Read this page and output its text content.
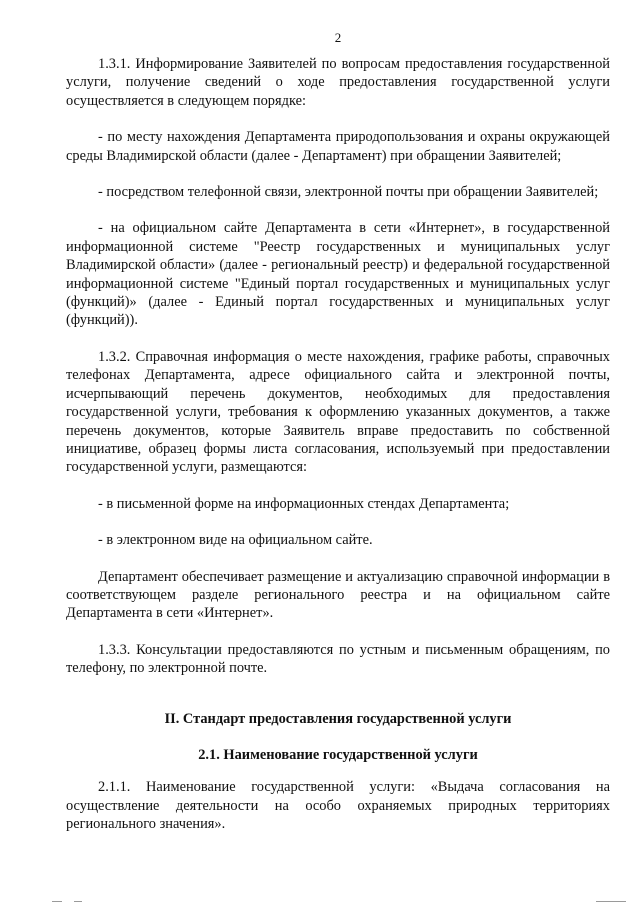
2

1.3.1. Информирование Заявителей по вопросам предоставления государственной услуги, получение сведений о ходе предоставления государственной услуги осуществляется в следующем порядке:

- по месту нахождения Департамента природопользования и охраны окружающей среды Владимирской области (далее - Департамент) при обращении Заявителей;

- посредством телефонной связи, электронной почты при обращении Заявителей;

- на официальном сайте Департамента в сети «Интернет», в государственной информационной системе "Реестр государственных и муниципальных услуг Владимирской области» (далее - региональный реестр) и федеральной государственной информационной системе "Единый портал государственных и муниципальных услуг (функций)» (далее - Единый портал государственных и муниципальных услуг (функций)).

1.3.2. Справочная информация о месте нахождения, графике работы, справочных телефонах Департамента, адресе официального сайта и электронной почты, исчерпывающий перечень документов, необходимых для предоставления государственной услуги, требования к оформлению указанных документов, а также перечень документов, которые Заявитель вправе предоставить по собственной инициативе, образец формы листа согласования, используемый при предоставлении государственной услуги, размещаются:

- в письменной форме на информационных стендах Департамента;

- в электронном виде на официальном сайте.

Департамент обеспечивает размещение и актуализацию справочной информации в соответствующем разделе регионального реестра и на официальном сайте Департамента в сети «Интернет».

1.3.3. Консультации предоставляются по устным и письменным обращениям, по телефону, по электронной почте.

II. Стандарт предоставления государственной услуги

2.1. Наименование государственной услуги

2.1.1. Наименование государственной услуги: «Выдача согласования на осуществление деятельности на особо охраняемых природных территориях регионального значения».
